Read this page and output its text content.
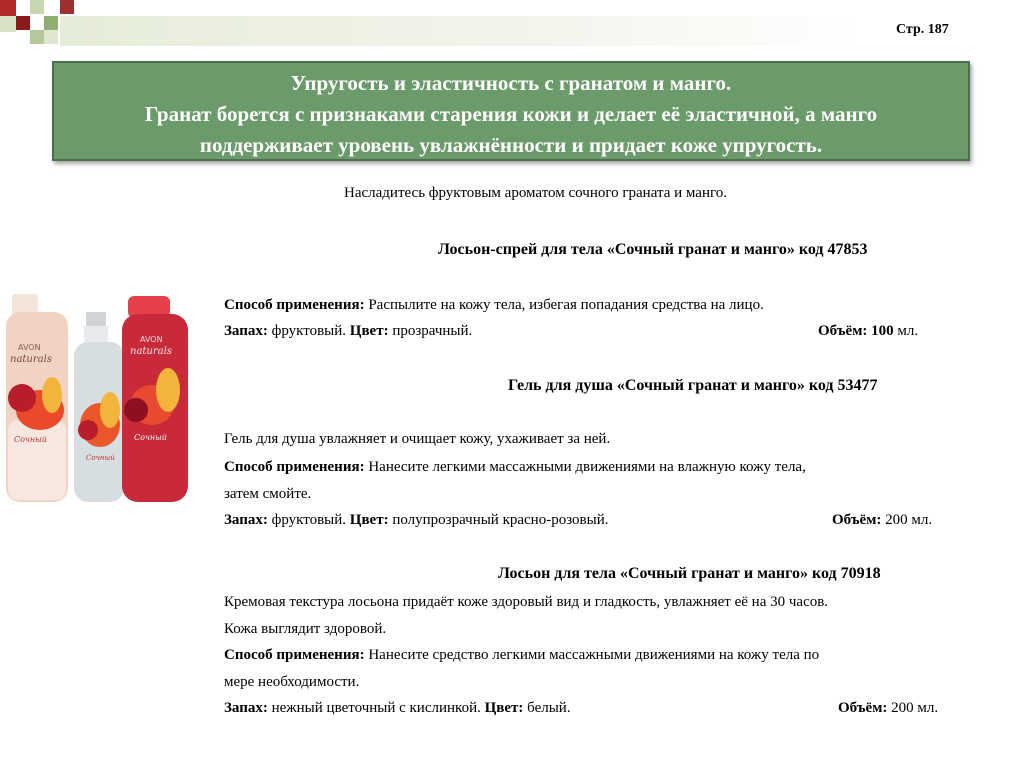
Стр. 187
Упругость и эластичность с гранатом и манго.
Гранат борется с признаками старения кожи и делает её эластичной, а манго
поддерживает уровень увлажнённости и придает коже упругость.
AVON
naturals
Сочный
Сочный
AVON
naturals
Сочный
Насладитесь фруктовым ароматом сочного граната и манго.
Лосьон-спрей для тела «Сочный гранат и манго» код 47853
Способ применения: Распылите на кожу тела, избегая попадания средства на лицо.
Запах: фруктовый. Цвет: прозрачный.	Объём: 100 мл.
Гель для душа «Сочный гранат и манго» код 53477
Гель для душа увлажняет и очищает кожу, ухаживает за ней.
Способ применения: Нанесите легкими массажными движениями на влажную кожу тела,
затем смойте.
Запах: фруктовый. Цвет: полупрозрачный красно-розовый.	Объём: 200 мл.
Лосьон для тела «Сочный гранат и манго» код 70918
Кремовая текстура лосьона придаёт коже здоровый вид и гладкость, увлажняет её на 30 часов.
Кожа выглядит здоровой.
Способ применения: Нанесите средство легкими массажными движениями на кожу тела по
мере необходимости.
Запах: нежный цветочный с кислинкой. Цвет: белый.	Объём: 200 мл.
